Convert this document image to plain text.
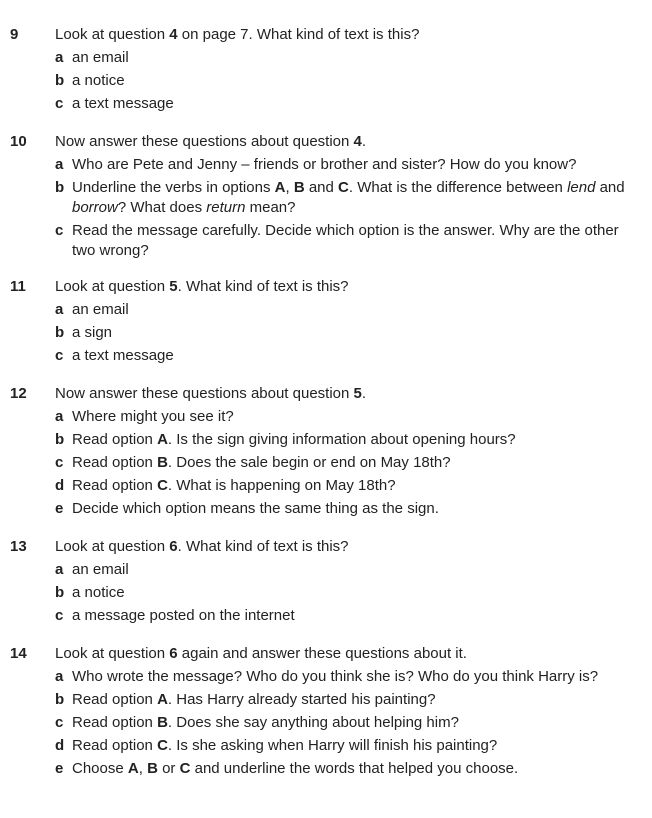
9	Look at question 4 on page 7. What kind of text is this?
a an email
b a notice
c a text message
10	Now answer these questions about question 4.
a Who are Pete and Jenny – friends or brother and sister? How do you know?
b Underline the verbs in options A, B and C. What is the difference between lend and borrow? What does return mean?
c Read the message carefully. Decide which option is the answer. Why are the other two wrong?
11	Look at question 5. What kind of text is this?
a an email
b a sign
c a text message
12	Now answer these questions about question 5.
a Where might you see it?
b Read option A. Is the sign giving information about opening hours?
c Read option B. Does the sale begin or end on May 18th?
d Read option C. What is happening on May 18th?
e Decide which option means the same thing as the sign.
13	Look at question 6. What kind of text is this?
a an email
b a notice
c a message posted on the internet
14	Look at question 6 again and answer these questions about it.
a Who wrote the message? Who do you think she is? Who do you think Harry is?
b Read option A. Has Harry already started his painting?
c Read option B. Does she say anything about helping him?
d Read option C. Is she asking when Harry will finish his painting?
e Choose A, B or C and underline the words that helped you choose.
